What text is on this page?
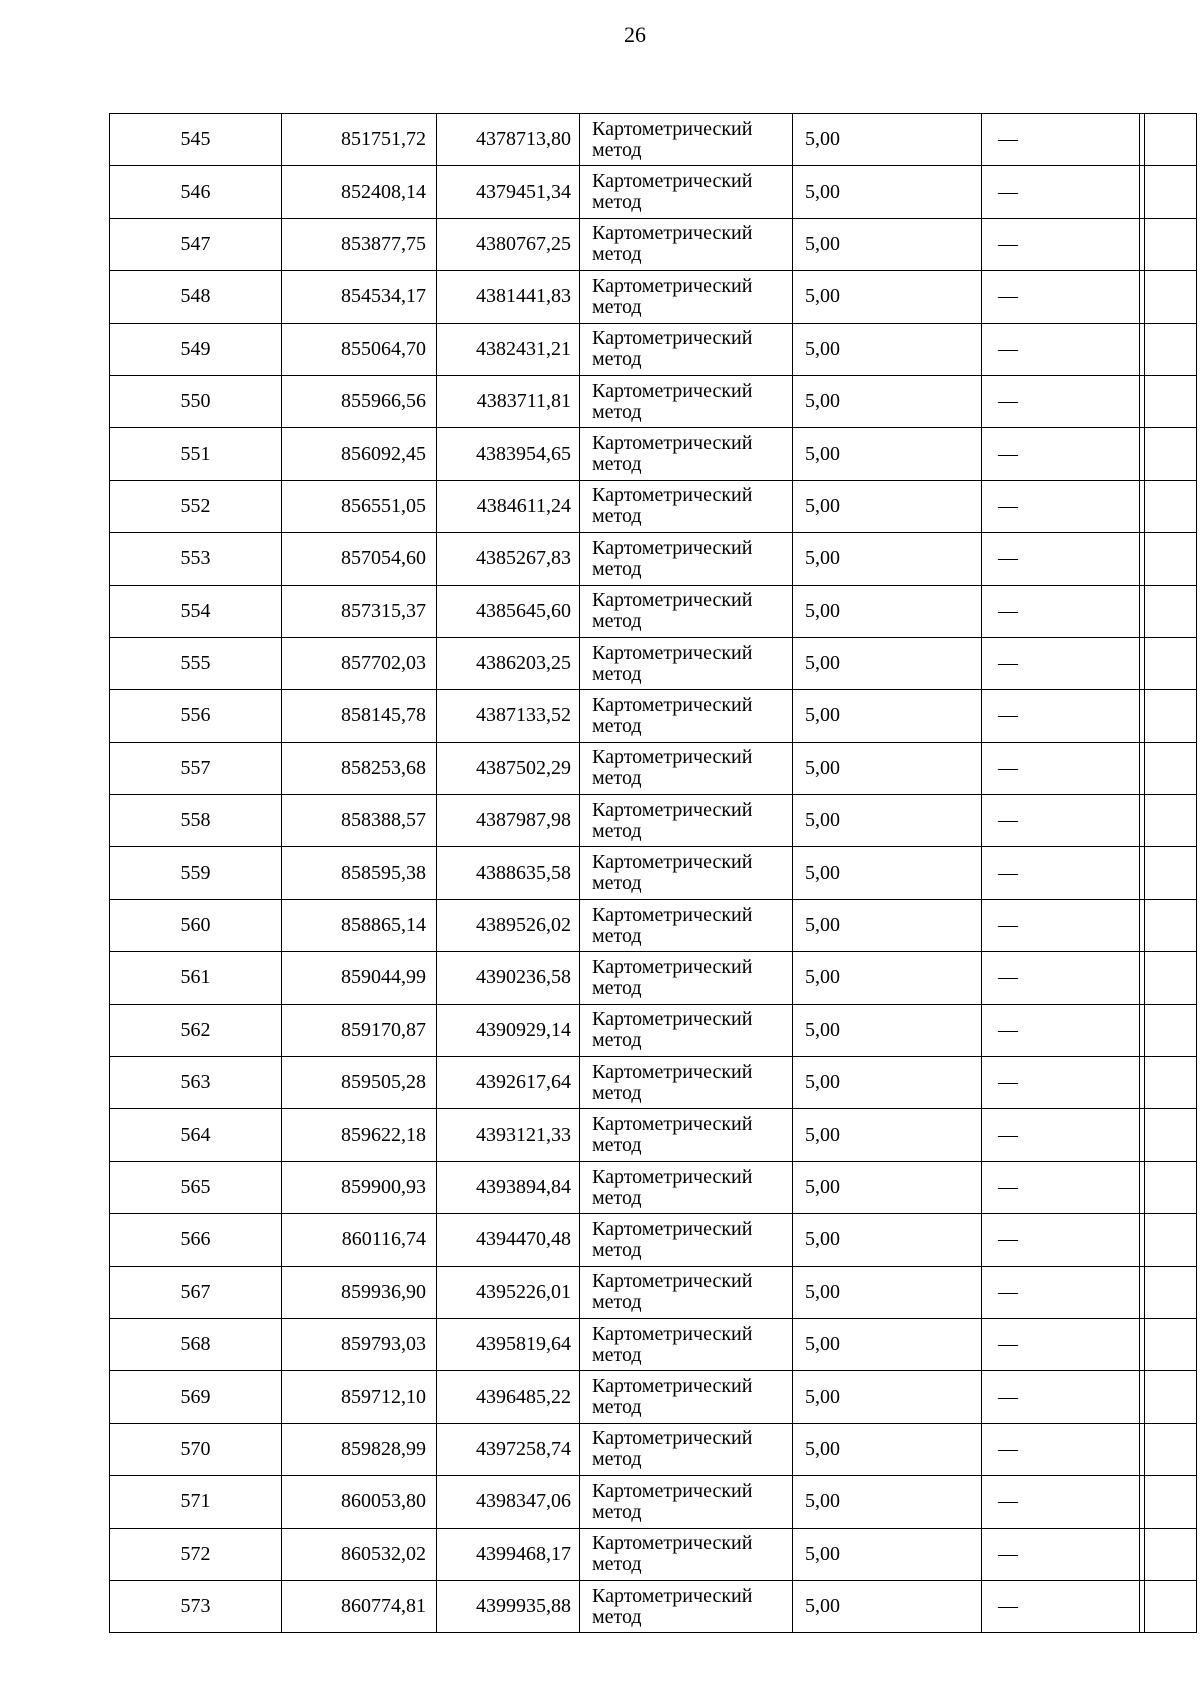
26
545	851751,72	4378713,80	Картометрический
метод	5,00	—
546	852408,14	4379451,34	Картометрический
метод	5,00	—
547	853877,75	4380767,25	Картометрический
метод	5,00	—
548	854534,17	4381441,83	Картометрический
метод	5,00	—
549	855064,70	4382431,21	Картометрический
метод	5,00	—
550	855966,56	4383711,81	Картометрический
метод	5,00	—
551	856092,45	4383954,65	Картометрический
метод	5,00	—
552	856551,05	4384611,24	Картометрический
метод	5,00	—
553	857054,60	4385267,83	Картометрический
метод	5,00	—
554	857315,37	4385645,60	Картометрический
метод	5,00	—
555	857702,03	4386203,25	Картометрический
метод	5,00	—
556	858145,78	4387133,52	Картометрический
метод	5,00	—
557	858253,68	4387502,29	Картометрический
метод	5,00	—
558	858388,57	4387987,98	Картометрический
метод	5,00	—
559	858595,38	4388635,58	Картометрический
метод	5,00	—
560	858865,14	4389526,02	Картометрический
метод	5,00	—
561	859044,99	4390236,58	Картометрический
метод	5,00	—
562	859170,87	4390929,14	Картометрический
метод	5,00	—
563	859505,28	4392617,64	Картометрический
метод	5,00	—
564	859622,18	4393121,33	Картометрический
метод	5,00	—
565	859900,93	4393894,84	Картометрический
метод	5,00	—
566	860116,74	4394470,48	Картометрический
метод	5,00	—
567	859936,90	4395226,01	Картометрический
метод	5,00	—
568	859793,03	4395819,64	Картометрический
метод	5,00	—
569	859712,10	4396485,22	Картометрический
метод	5,00	—
570	859828,99	4397258,74	Картометрический
метод	5,00	—
571	860053,80	4398347,06	Картометрический
метод	5,00	—
572	860532,02	4399468,17	Картометрический
метод	5,00	—
573	860774,81	4399935,88	Картометрический
метод	5,00	—
